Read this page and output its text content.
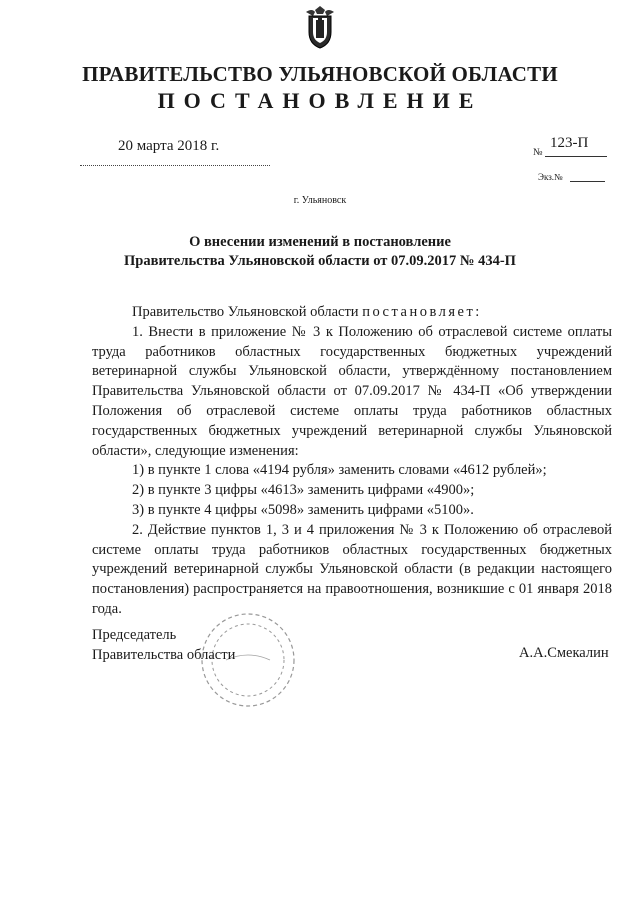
ПРАВИТЕЛЬСТВО УЛЬЯНОВСКОЙ ОБЛАСТИ
ПОСТАНОВЛЕНИЕ
20 марта 2018 г.	№
123-П
Экз.№
г. Ульяновск
О внесении изменений в постановление
Правительства Ульяновской области от 07.09.2017 № 434-П

Правительство Ульяновской области постановляет:

1. Внести в приложение № 3 к Положению об отраслевой системе оплаты труда работников областных государственных бюджетных учреждений ветеринарной службы Ульяновской области, утверждённому постановлением Правительства Ульяновской области от 07.09.2017 № 434-П «Об утверждении Положения об отраслевой системе оплаты труда работников областных государственных бюджетных учреждений ветеринарной службы Ульяновской области», следующие изменения:

1) в пункте 1 слова «4194 рубля» заменить словами «4612 рублей»;

2) в пункте 3 цифры «4613» заменить цифрами «4900»;

3) в пункте 4 цифры «5098» заменить цифрами «5100».

2. Действие пунктов 1, 3 и 4 приложения № 3 к Положению об отраслевой системе оплаты труда работников областных государственных бюджетных учреждений ветеринарной службы Ульяновской области (в редакции настоящего постановления) распространяется на правоотношения, возникшие с 01 января 2018 года.

Председатель
Правительства области	А.А.Смекалин
